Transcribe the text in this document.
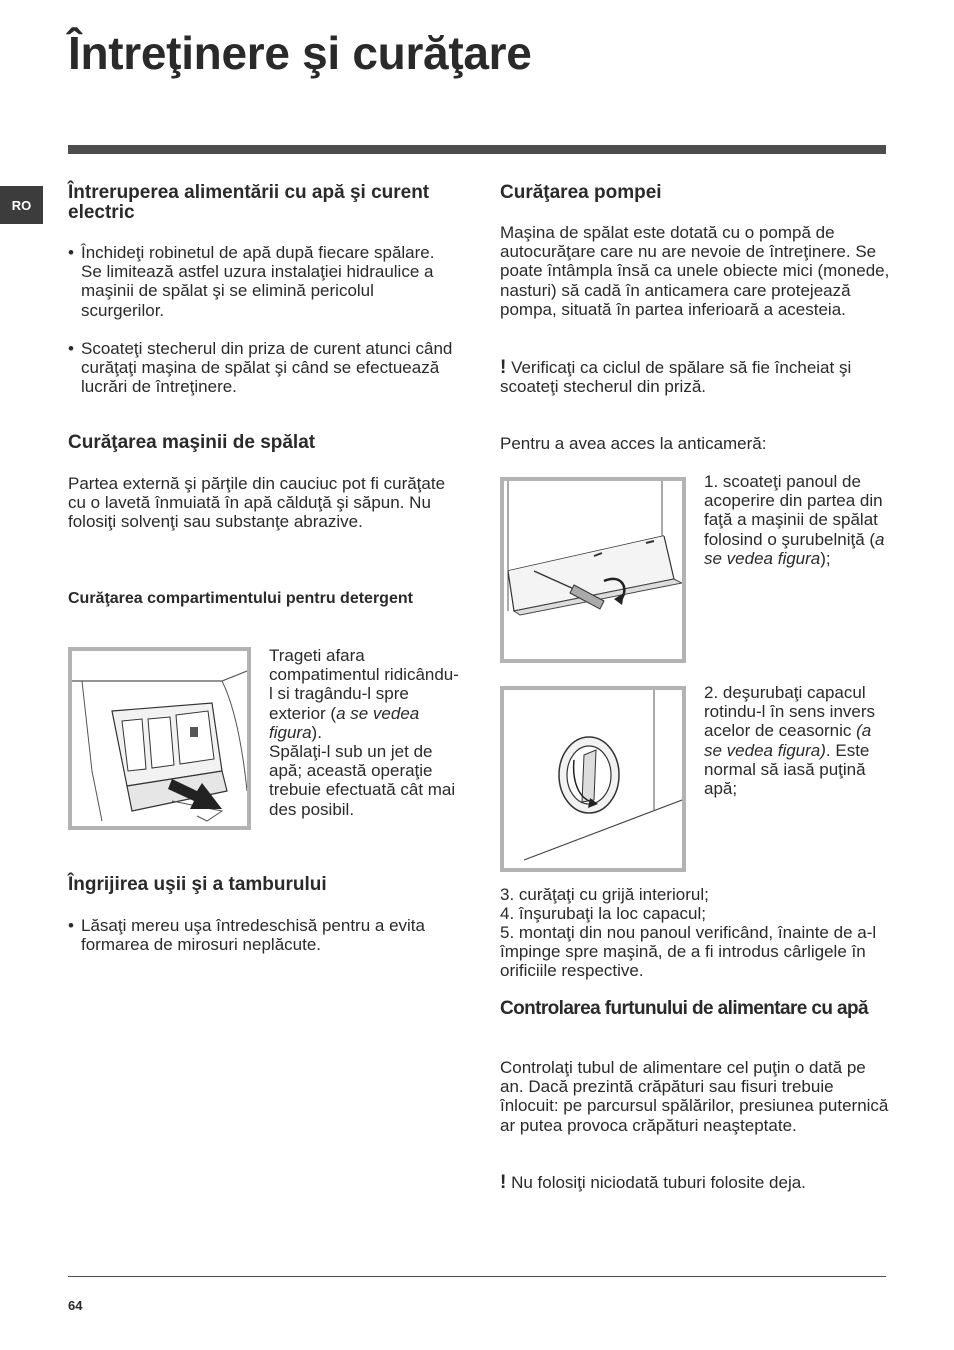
Întreţinere şi curăţare
RO
Întreruperea alimentării cu apă şi curent electric
• Închideţi robinetul de apă după fiecare spălare. Se limitează astfel uzura instalaţiei hidraulice a maşinii de spălat şi se elimină pericolul scurgerilor.
• Scoateţi stecherul din priza de curent atunci când curăţaţi maşina de spălat şi când se efectuează lucrări de întreţinere.
Curăţarea maşinii de spălat

Partea externă şi părţile din cauciuc pot fi curăţate cu o lavetă înmuiată în apă călduţă şi săpun. Nu folosiţi solvenţi sau substanţe abrazive.

Curăţarea compartimentului pentru detergent

Trageti afara compatimentul ridicându-l si tragându-l spre exterior (a se vedea figura).
Spălaţi-l sub un jet de apă; această operaţie trebuie efectuată cât mai des posibil.

Îngrijirea uşii şi a tamburului
• Lăsaţi mereu uşa întredeschisă pentru a evita formarea de mirosuri neplăcute.
Curăţarea pompei

Maşina de spălat este dotată cu o pompă de autocurăţare care nu are nevoie de întreţinere. Se poate întâmpla însă ca unele obiecte mici (monede, nasturi) să cadă în anticamera care protejează pompa, situată în partea inferioară a acesteia.

! Verificaţi ca ciclul de spălare să fie încheiat şi scoateţi stecherul din priză.

Pentru a avea acces la anticameră:

1. scoateţi panoul de acoperire din partea din faţă a maşinii de spălat folosind o şurubelniţă (a se vedea figura);

2. deşurubaţi capacul rotindu-l în sens invers acelor de ceasornic (a se vedea figura). Este normal să iasă puţină apă;

3. curăţaţi cu grijă interiorul;

4. înşurubaţi la loc capacul;

5. montaţi din nou panoul verificând, înainte de a-l împinge spre maşină, de a fi introdus cârligele în orificiile respective.

Controlarea furtunului de alimentare cu apă

Controlaţi tubul de alimentare cel puţin o dată pe an. Dacă prezintă crăpături sau fisuri trebuie înlocuit: pe parcursul spălărilor, presiunea puternică ar putea provoca crăpături neaşteptate.

! Nu folosiţi niciodată tuburi folosite deja.

64
